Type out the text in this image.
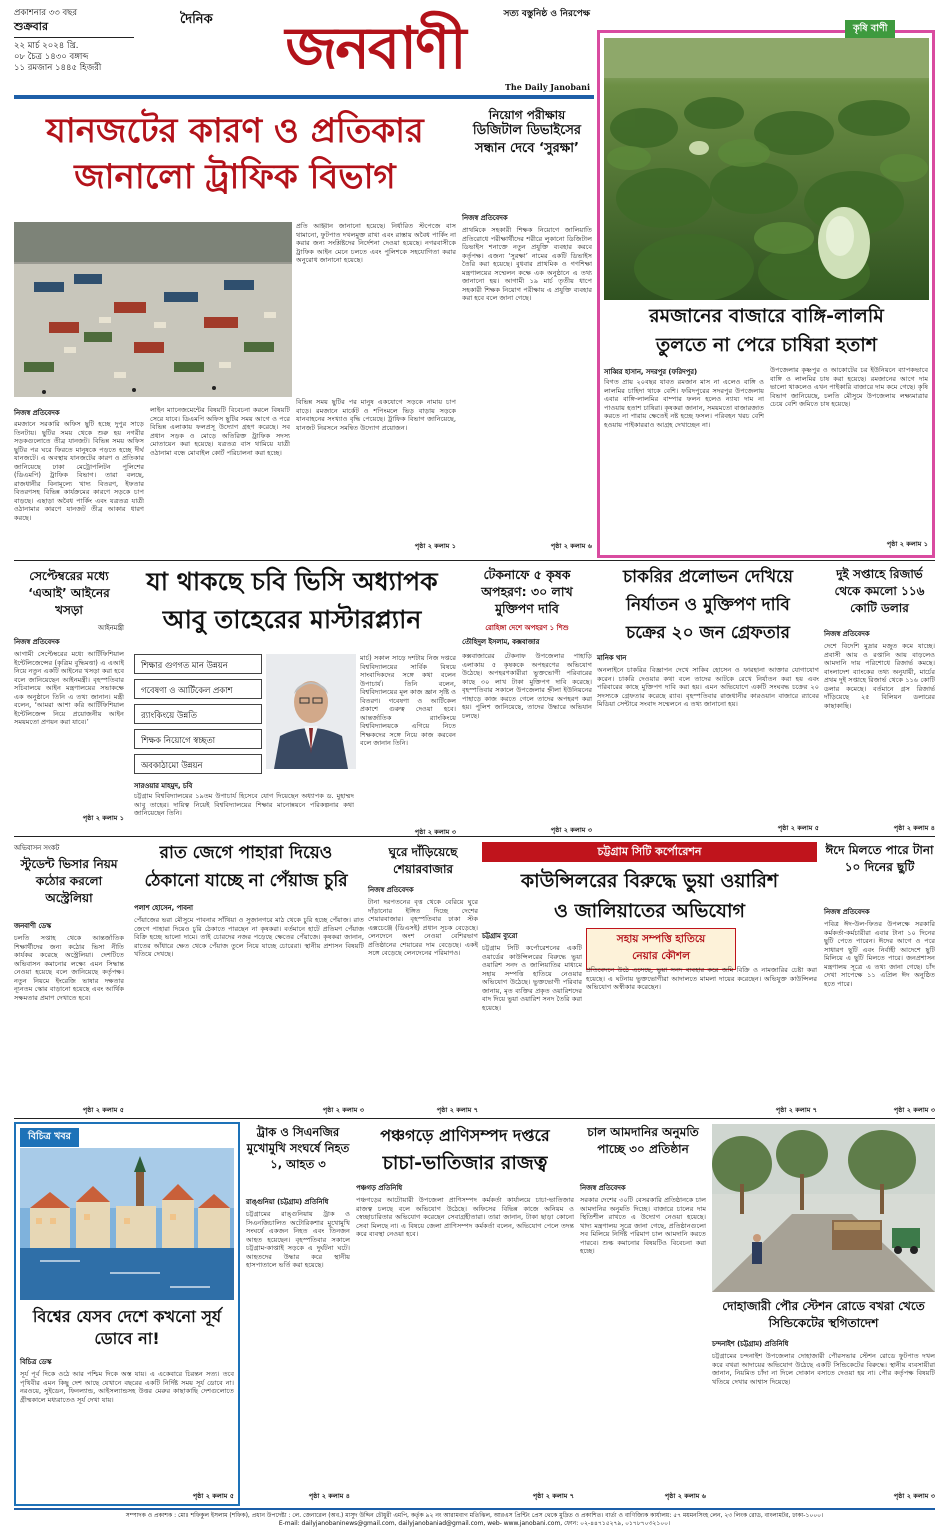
প্রকাশনার ৩৩ বছর
শুক্রবার
২২ মার্চ ২০২৪ খ্রি.
০৮ চৈত্র ১৪৩০ বঙ্গাব্দ
১১ রমজান ১৪৪৫ হিজরী
দৈনিক	জনবাণী	সত্য বস্তুনিষ্ঠ ও নিরপেক্ষ
The Daily Janobani
কৃষি বাণী
রমজানের বাজারে বাঙ্গি-লালমি
তুলতে না পেরে চাষিরা হতাশ
সাব্বির হাসান, সদরপুর (ফরিদপুর)
বিগত প্রায় ২০বছর যাবত রমজান মাস না এলেও বাঙ্গি ও লালমির চাহিদা থাকে বেশি। ফরিদপুরের সদরপুর উপজেলায় এবার বাঙ্গি-লালমির বাম্পার ফলন হলেও ন্যায্য দাম না পাওয়ায় হতাশ চাষিরা। কৃষকরা জানান, সময়মতো বাজারজাত করতে না পারায় ক্ষেতেই নষ্ট হচ্ছে ফসল। পরিবহন খরচ বেশি হওয়ায় পাইকাররাও আগ্রহ দেখাচ্ছেন না।
উপজেলার কৃষ্ণপুর ও আকোটের চর ইউনিয়নে ব্যাপকভাবে বাঙ্গি ও লালমির চাষ করা হয়েছে। রমজানের আগে দাম ভালো থাকলেও এখন পাইকারি বাজারে দাম কমে গেছে। কৃষি বিভাগ জানিয়েছে, চলতি মৌসুমে উপজেলায় লক্ষ্যমাত্রার চেয়ে বেশি জমিতে চাষ হয়েছে।
পৃষ্ঠা ২ কলাম ১
যানজটের কারণ ও প্রতিকার
জানালো ট্রাফিক বিভাগ
প্রতি আহ্বান জানানো হয়েছে। নির্ধারিত স্টপেজে বাস থামানো, ফুটপাত দখলমুক্ত রাখা এবং রাস্তায় অবৈধ পার্কিং না করার জন্য সংশ্লিষ্টদের নির্দেশনা দেওয়া হয়েছে। নগরবাসীকে ট্রাফিক আইন মেনে চলতে এবং পুলিশকে সহযোগিতা করার অনুরোধ জানানো হয়েছে।
নিজস্ব প্রতিবেদক
রমজানে সরকারি অফিস ছুটি হচ্ছে দুপুর সাড়ে তিনটায়। ছুটির সময় থেকে শুরু হয় নগরীর সড়কগুলোতে তীব্র যানজট। বিভিন্ন সময় অফিস ছুটির পর ঘরে ফিরতে মানুষকে পড়তে হচ্ছে দীর্ঘ যানজটে। এ অবস্থায় যানজটের কারণ ও প্রতিকার জানিয়েছে ঢাকা মেট্রোপলিটন পুলিশের (ডিএমপি) ট্রাফিক বিভাগ। তারা বলছে, রাজধানীর বিনামূল্যে খাদ্য বিতরণ, ইফতার বিতরণসহ বিভিন্ন কার্যক্রমের কারণে সড়কে চাপ বাড়ছে। এছাড়া অবৈধ পার্কিং এবং যত্রতত্র যাত্রী ওঠানামার কারণে যানজট তীব্র আকার ধারণ করছে।
লাইন ম্যানেজমেন্টের বিষয়টি বিবেচনা করলে বিষয়টি সেরে যাবে। ডিএমপি অফিস ছুটির সময় আগে ও পরে বিভিন্ন এলাকায় ফলপ্রসূ উদ্যোগ গ্রহণ করেছে। সব প্রধান সড়ক ও মোড়ে অতিরিক্ত ট্রাফিক সদস্য মোতায়েন করা হয়েছে। যত্রতত্র বাস থামিয়ে যাত্রী ওঠানামা বন্ধে মোবাইল কোর্ট পরিচালনা করা হচ্ছে।
বিভিন্ন সময় ছুটির পর মানুষ একযোগে সড়কে নামায় চাপ বাড়ে। রমজানে মার্কেট ও শপিংমলে ভিড় বাড়ায় সড়কে যানবাহনের সংখ্যাও বৃদ্ধি পেয়েছে। ট্রাফিক বিভাগ জানিয়েছে, যানজট নিরসনে সমন্বিত উদ্যোগ প্রয়োজন।
পৃষ্ঠা ২ কলাম ১
নিয়োগ পরীক্ষায়
ডিজিটাল ডিভাইসের সন্ধান দেবে ‘সুরক্ষা’
নিজস্ব প্রতিবেদক
প্রাথমিকে সহকারী শিক্ষক নিয়োগে জালিয়াতি প্রতিরোধে পরীক্ষার্থীদের শরীরে লুকানো ডিজিটাল ডিভাইস শনাক্তে নতুন প্রযুক্তি ব্যবহার করবে কর্তৃপক্ষ। এজন্য ‘সুরক্ষা’ নামের একটি ডিভাইস তৈরি করা হয়েছে। বুধবার প্রাথমিক ও গণশিক্ষা মন্ত্রণালয়ের সম্মেলন কক্ষে এক অনুষ্ঠানে এ তথ্য জানানো হয়। আগামী ১৯ মার্চ তৃতীয় ধাপে সহকারী শিক্ষক নিয়োগ পরীক্ষায় এ প্রযুক্তি ব্যবহার করা হবে বলে জানা গেছে।
পৃষ্ঠা ২ কলাম ৬
সেপ্টেম্বরের মধ্যে ‘এআই’ আইনের খসড়া
আইনমন্ত্রী
নিজস্ব প্রতিবেদক
আগামী সেপ্টেম্বরের মধ্যে আর্টিফিশিয়াল ইন্টেলিজেন্সের (কৃত্রিম বুদ্ধিমত্তা) এ এআই নিয়ে নতুন একটি আইনের খসড়া করা হবে বলে জানিয়েছেন আইনমন্ত্রী। বৃহস্পতিবার সচিবালয়ে আইন মন্ত্রণালয়ের সভাকক্ষে এক অনুষ্ঠানে তিনি এ তথ্য জানান। মন্ত্রী বলেন, ‘আমরা আশা করি আর্টিফিশিয়াল ইন্টেলিজেন্স নিয়ে প্রয়োজনীয় আইন সময়মতো প্রণয়ন করা যাবে।’
পৃষ্ঠা ২ কলাম ১
যা থাকছে চবি ভিসি অধ্যাপক
আবু তাহেরের মাস্টারপ্ল্যান
শিক্ষার গুণগত মান উন্নয়ন
গবেষণা ও আর্টিকেল প্রকাশ
র‌্যাংকিংয়ে উন্নতি
শিক্ষক নিয়োগে স্বচ্ছতা
অবকাঠামো উন্নয়ন
সারওয়ার মাহমুদ, চবি
চট্টগ্রাম বিশ্ববিদ্যালয়ের ১৯তম উপাচার্য হিসেবে যোগ দিয়েছেন অধ্যাপক ড. মুহাম্মদ আবু তাহের। দায়িত্ব নিয়েই বিশ্ববিদ্যালয়ের শিক্ষার মানোন্নয়নে পরিকল্পনার কথা জানিয়েছেন তিনি।
মার্চ) সকাল সাড়ে দশটায় নিজ দপ্তরে বিশ্ববিদ্যালয়ের সার্বিক বিষয়ে সাংবাদিকদের সঙ্গে কথা বলেন উপাচার্য। তিনি বলেন, বিশ্ববিদ্যালয়ের মূল কাজ জ্ঞান সৃষ্টি ও বিতরণ। গবেষণা ও আর্টিকেল প্রকাশে গুরুত্ব দেওয়া হবে। আন্তর্জাতিক র‌্যাংকিংয়ে বিশ্ববিদ্যালয়কে এগিয়ে নিতে শিক্ষকদের সঙ্গে নিয়ে কাজ করবেন বলে জানান তিনি।
পৃষ্ঠা ২ কলাম ৩
টেকনাফে ৫ কৃষক অপহরণ: ৩০ লাখ মুক্তিপণ দাবি
রোহিঙ্গা দেশে অপহরণ ১ শিশু
তৌহিদুল ইসলাম, কক্সবাজার
কক্সবাজারের টেকনাফ উপজেলার পাহাড়ি এলাকায় ৫ কৃষককে অপহরণের অভিযোগ উঠেছে। অপহরণকারীরা ভুক্তভোগী পরিবারের কাছে ৩০ লাখ টাকা মুক্তিপণ দাবি করেছে। বৃহস্পতিবার সকালে উপজেলার হ্নীলা ইউনিয়নের পাহাড়ে কাজ করতে গেলে তাদের অপহরণ করা হয়। পুলিশ জানিয়েছে, তাদের উদ্ধারে অভিযান চলছে।
পৃষ্ঠা ২ কলাম ৩
চাকরির প্রলোভন দেখিয়ে
নির্যাতন ও মুক্তিপণ দাবি
চক্রের ২০ জন গ্রেফতার
মানিক খান
অনলাইনে চাকরির বিজ্ঞাপন দেখে সাকিব হোসেন ও ফারহানা আক্তার যোগাযোগ করেন। চাকরি দেওয়ার কথা বলে তাদের আটকে রেখে নির্যাতন করা হয় এবং পরিবারের কাছে মুক্তিপণ দাবি করা হয়। এমন অভিযোগে একটি সংঘবদ্ধ চক্রের ২০ সদস্যকে গ্রেফতার করেছে র‌্যাব। বৃহস্পতিবার রাজধানীর কারওয়ান বাজারে র‌্যাবের মিডিয়া সেন্টারে সংবাদ সম্মেলনে এ তথ্য জানানো হয়।
পৃষ্ঠা ২ কলাম ৫
দুই সপ্তাহে রিজার্ভ থেকে কমলো ১১৬ কোটি ডলার
নিজস্ব প্রতিবেদক
দেশে বিদেশি মুদ্রার মজুত কমে যাচ্ছে। প্রবাসী আয় ও রপ্তানি আয় বাড়লেও আমদানি দায় পরিশোধে রিজার্ভ কমছে। বাংলাদেশ ব্যাংকের তথ্য অনুযায়ী, মার্চের প্রথম দুই সপ্তাহে রিজার্ভ থেকে ১১৬ কোটি ডলার কমেছে। বর্তমানে গ্রস রিজার্ভ দাঁড়িয়েছে ২৫ বিলিয়ন ডলারের কাছাকাছি।
পৃষ্ঠা ২ কলাম ৪
অভিবাসন সংকট
স্টুডেন্ট ভিসার নিয়ম কঠোর করলো অস্ট্রেলিয়া
জনবাণী ডেস্ক
চলতি সপ্তাহ থেকে আন্তর্জাতিক শিক্ষার্থীদের জন্য কঠোর ভিসা নীতি কার্যকর করেছে অস্ট্রেলিয়া। দেশটিতে অভিবাসন কমানোর লক্ষ্যে এমন সিদ্ধান্ত নেওয়া হয়েছে বলে জানিয়েছে কর্তৃপক্ষ। নতুন নিয়মে ইংরেজি ভাষার দক্ষতার ন্যূনতম স্কোর বাড়ানো হয়েছে এবং আর্থিক সক্ষমতার প্রমাণ দেখাতে হবে।
পৃষ্ঠা ২ কলাম ৫
রাত জেগে পাহারা দিয়েও
ঠেকানো যাচ্ছে না পেঁয়াজ চুরি
পলাশ হোসেন, পাবনা
পেঁয়াজের ভরা মৌসুমে পাবনার সাঁথিয়া ও সুজানগরে মাঠ থেকে চুরি হচ্ছে পেঁয়াজ। রাত জেগে পাহারা দিয়েও চুরি ঠেকাতে পারছেন না কৃষকরা। বর্তমানে হাটে প্রতিমণ পেঁয়াজ বিক্রি হচ্ছে ভালো দামে। তাই চোরদের নজর পড়েছে ক্ষেতের পেঁয়াজে। কৃষকরা জানান, রাতের আঁধারে ক্ষেত থেকে পেঁয়াজ তুলে নিয়ে যাচ্ছে চোরেরা। স্থানীয় প্রশাসন বিষয়টি খতিয়ে দেখছে।
পৃষ্ঠা ২ কলাম ৩
ঘুরে দাঁড়িয়েছে শেয়ারবাজার
নিজস্ব প্রতিবেদক
টানা দরপতনের বৃত্ত থেকে বেরিয়ে ঘুরে দাঁড়ানোর ইঙ্গিত দিচ্ছে দেশের শেয়ারবাজার। বৃহস্পতিবার ঢাকা স্টক এক্সচেঞ্জে (ডিএসই) প্রধান সূচক বেড়েছে। লেনদেনে অংশ নেওয়া বেশিরভাগ প্রতিষ্ঠানের শেয়ারের দাম বেড়েছে। একই সঙ্গে বেড়েছে লেনদেনের পরিমাণও।
পৃষ্ঠা ২ কলাম ৭
চট্টগ্রাম সিটি কর্পোরেশন
কাউন্সিলরের বিরুদ্ধে ভুয়া ওয়ারিশ
ও জালিয়াতের অভিযোগ
চট্টগ্রাম ব্যুরো	সহায় সম্পত্তি হাতিয়ে
নেয়ার কৌশল
চট্টগ্রাম সিটি কর্পোরেশনের একটি ওয়ার্ডের কাউন্সিলরের বিরুদ্ধে ভুয়া ওয়ারিশ সনদ ও জালিয়াতির মাধ্যমে সহায় সম্পত্তি হাতিয়ে নেওয়ার অভিযোগ উঠেছে। ভুক্তভোগী পরিবার জানায়, মৃত ব্যক্তির প্রকৃত ওয়ারিশদের বাদ দিয়ে ভুয়া ওয়ারিশ সনদ তৈরি করা হয়েছে।
প্রতিবেদনে উঠে এসেছে, ভুয়া সনদ ব্যবহার করে জমি বিক্রি ও নামজারির চেষ্টা করা হয়েছে। এ ঘটনায় ভুক্তভোগীরা আদালতে মামলা দায়ের করেছেন। অভিযুক্ত কাউন্সিলর অভিযোগ অস্বীকার করেছেন।
পৃষ্ঠা ২ কলাম ৭
ঈদে মিলতে পারে টানা ১০ দিনের ছুটি
নিজস্ব প্রতিবেদক
পবিত্র ঈদ-উল-ফিতর উপলক্ষে সরকারি কর্মকর্তা-কর্মচারীরা এবার টানা ১০ দিনের ছুটি পেতে পারেন। ঈদের আগে ও পরে সাধারণ ছুটি এবং নির্বাহী আদেশে ছুটি মিলিয়ে এ ছুটি মিলতে পারে। জনপ্রশাসন মন্ত্রণালয় সূত্রে এ তথ্য জানা গেছে। চাঁদ দেখা সাপেক্ষে ১১ এপ্রিল ঈদ অনুষ্ঠিত হতে পারে।
পৃষ্ঠা ২ কলাম ৩
বিচিত্র খবর
বিশ্বের যেসব দেশে কখনো সূর্য ডোবে না!
বিচিত্র ডেস্ক
সূর্য পূর্ব দিকে ওঠে আর পশ্চিম দিকে অস্ত যায়। এ একেবারে চিরন্তন সত্য। তবে পৃথিবীর এমন কিছু দেশ আছে যেখানে বছরের একটি নির্দিষ্ট সময় সূর্য ডোবে না। নরওয়ে, সুইডেন, ফিনল্যান্ড, আইসল্যান্ডসহ উত্তর মেরুর কাছাকাছি দেশগুলোতে গ্রীষ্মকালে মধ্যরাতেও সূর্য দেখা যায়।
পৃষ্ঠা ২ কলাম ৫
ট্রাক ও সিএনজির মুখোমুখি সংঘর্ষে নিহত ১, আহত ৩
রাঙ্গুনিয়া (চট্টগ্রাম) প্রতিনিধি
চট্টগ্রামের রাঙ্গুনিয়ায় ট্রাক ও সিএনজিচালিত অটোরিকশার মুখোমুখি সংঘর্ষে একজন নিহত এবং তিনজন আহত হয়েছেন। বৃহস্পতিবার সকালে চট্টগ্রাম-কাপ্তাই সড়কে এ দুর্ঘটনা ঘটে। আহতদের উদ্ধার করে স্থানীয় হাসপাতালে ভর্তি করা হয়েছে।
পৃষ্ঠা ২ কলাম ৪
পঞ্চগড়ে প্রাণিসম্পদ দপ্তরে
চাচা-ভাতিজার রাজত্ব
পঞ্চগড় প্রতিনিধি
পঞ্চগড়ের আটোয়ারী উপজেলা প্রাণিসম্পদ কর্মকর্তা কার্যালয়ে চাচা-ভাতিজার রাজত্ব চলছে বলে অভিযোগ উঠেছে। অফিসের বিভিন্ন কাজে অনিয়ম ও স্বেচ্ছাচারিতার অভিযোগ করেছেন সেবাগ্রহীতারা। তারা জানান, টাকা ছাড়া কোনো সেবা মিলছে না। এ বিষয়ে জেলা প্রাণিসম্পদ কর্মকর্তা বলেন, অভিযোগ পেলে তদন্ত করে ব্যবস্থা নেওয়া হবে।
পৃষ্ঠা ২ কলাম ৭
চাল আমদানির অনুমতি পাচ্ছে ৩০ প্রতিষ্ঠান
নিজস্ব প্রতিবেদক
সরকার দেশের ৩০টি বেসরকারি প্রতিষ্ঠানকে চাল আমদানির অনুমতি দিচ্ছে। বাজারে চালের দাম স্থিতিশীল রাখতে এ উদ্যোগ নেওয়া হয়েছে। খাদ্য মন্ত্রণালয় সূত্রে জানা গেছে, প্রতিষ্ঠানগুলো সব মিলিয়ে নির্দিষ্ট পরিমাণ চাল আমদানি করতে পারবে। শুল্ক কমানোর বিষয়টিও বিবেচনা করা হচ্ছে।
পৃষ্ঠা ২ কলাম ৬
দোহাজারী পৌর স্টেশন রোডে বখরা খেতে সিন্ডিকেটের স্থগিতাদেশ
চন্দনাইশ (চট্টগ্রাম) প্রতিনিধি
চট্টগ্রামের চন্দনাইশ উপজেলার দোহাজারী পৌরসভার স্টেশন রোডে ফুটপাত দখল করে বখরা আদায়ের অভিযোগ উঠেছে একটি সিন্ডিকেটের বিরুদ্ধে। স্থানীয় ব্যবসায়ীরা জানান, নিয়মিত চাঁদা না দিলে দোকান বসাতে দেওয়া হয় না। পৌর কর্তৃপক্ষ বিষয়টি খতিয়ে দেখার আশ্বাস দিয়েছে।
পৃষ্ঠা ২ কলাম ৩
সম্পাদক ও প্রকাশক : মোঃ শফিকুল ইসলাম (শফিক), প্রধান উপদেষ্টা : লে. জেনারেল (অব.) মাসুদ উদ্দিন চৌধুরী এমপি, কর্তৃক ৯২ নং আরামবাগ মতিঝিল, আরএস প্রিন্টিং প্রেস থেকে মুদ্রিত ও প্রকাশিত। বার্তা ও বাণিজ্যিক কার্যালয়: ৫৭ ময়মনসিংহ লেন, ২৩ লিংক রোড, বাংলামটর, ঢাকা-১০০০।
E-mail: dailyjanobaninews@gmail.com, dailyjanobaniad@gmail.com, web- www.janobani.com, ফোন: ০২-৪৪৭১৫২৭৯, ০১৭৮৭০৩২১০০।
